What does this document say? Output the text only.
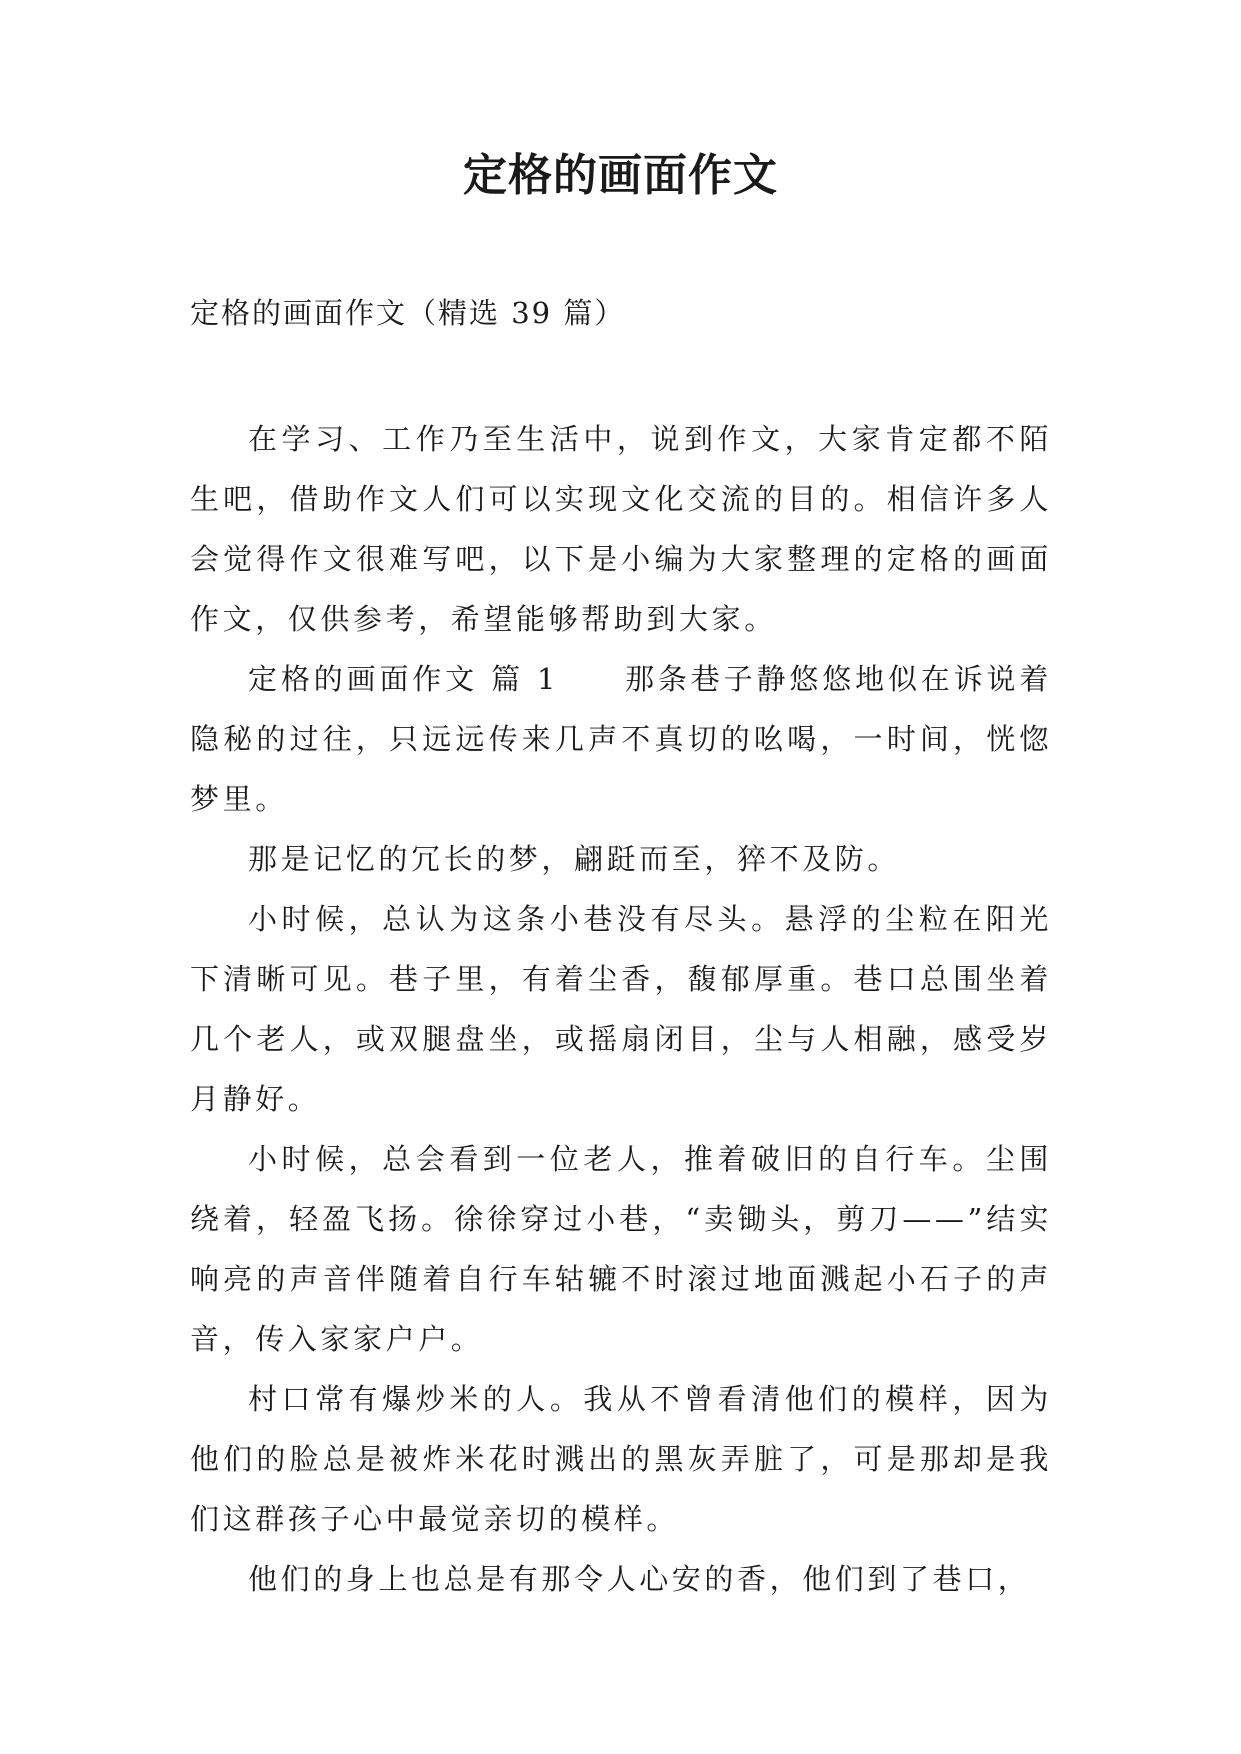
定格的画面作文

定格的画面作文（精选 39 篇）

在学习、工作乃至生活中，说到作文，大家肯定都不陌生吧，借助作文人们可以实现文化交流的目的。相信许多人会觉得作文很难写吧，以下是小编为大家整理的定格的画面作文，仅供参考，希望能够帮助到大家。

定格的画面作文 篇 1　　那条巷子静悠悠地似在诉说着隐秘的过往，只远远传来几声不真切的吆喝，一时间，恍惚梦里。

那是记忆的冗长的梦，翩跹而至，猝不及防。

小时候，总认为这条小巷没有尽头。悬浮的尘粒在阳光下清晰可见。巷子里，有着尘香，馥郁厚重。巷口总围坐着几个老人，或双腿盘坐，或摇扇闭目，尘与人相融，感受岁月静好。

小时候，总会看到一位老人，推着破旧的自行车。尘围绕着，轻盈飞扬。徐徐穿过小巷，“卖锄头，剪刀——”结实响亮的声音伴随着自行车轱辘不时滚过地面溅起小石子的声音，传入家家户户。

村口常有爆炒米的人。我从不曾看清他们的模样，因为他们的脸总是被炸米花时溅出的黑灰弄脏了，可是那却是我们这群孩子心中最觉亲切的模样。

他们的身上也总是有那令人心安的香，他们到了巷口，
